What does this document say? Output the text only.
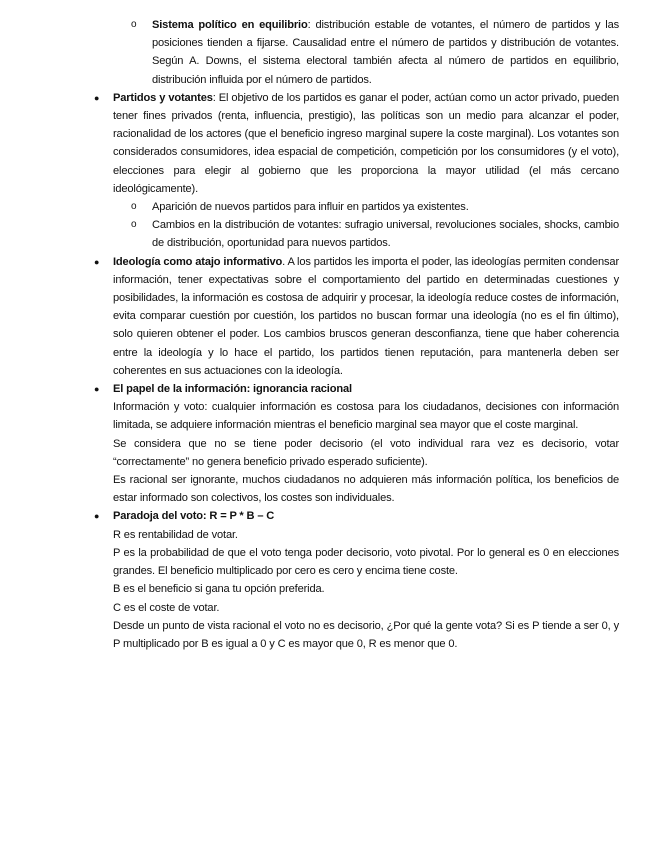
o	Sistema político en equilibrio: distribución estable de votantes, el número de partidos y las posiciones tienden a fijarse. Causalidad entre el número de partidos y distribución de votantes. Según A. Downs, el sistema electoral también afecta al número de partidos en equilibrio, distribución influida por el número de partidos.
●	Partidos y votantes: El objetivo de los partidos es ganar el poder, actúan como un actor privado, pueden tener fines privados (renta, influencia, prestigio), las políticas son un medio para alcanzar el poder, racionalidad de los actores (que el beneficio ingreso marginal supere la coste marginal). Los votantes son considerados consumidores, idea espacial de competición, competición por los consumidores (y el voto), elecciones para elegir al gobierno que les proporciona la mayor utilidad (el más cercano ideológicamente).
o	Aparición de nuevos partidos para influir en partidos ya existentes.
o	Cambios en la distribución de votantes: sufragio universal, revoluciones sociales, shocks, cambio de distribución, oportunidad para nuevos partidos.
●	Ideología como atajo informativo. A los partidos les importa el poder, las ideologías permiten condensar información, tener expectativas sobre el comportamiento del partido en determinadas cuestiones y posibilidades, la información es costosa de adquirir y procesar, la ideología reduce costes de información, evita comparar cuestión por cuestión, los partidos no buscan formar una ideología (no es el fin último), solo quieren obtener el poder. Los cambios bruscos generan desconfianza, tiene que haber coherencia entre la ideología y lo hace el partido, los partidos tienen reputación, para mantenerla deben ser coherentes en sus actuaciones con la ideología.
●	El papel de la información: ignorancia racional

Información y voto: cualquier información es costosa para los ciudadanos, decisiones con información limitada, se adquiere información mientras el beneficio marginal sea mayor que el coste marginal.

Se considera que no se tiene poder decisorio (el voto individual rara vez es decisorio, votar “correctamente” no genera beneficio privado esperado suficiente).

Es racional ser ignorante, muchos ciudadanos no adquieren más información política, los beneficios de estar informado son colectivos, los costes son individuales.

●	Paradoja del voto: R = P * B – C

R es rentabilidad de votar.

P es la probabilidad de que el voto tenga poder decisorio, voto pivotal. Por lo general es 0 en elecciones grandes. El beneficio multiplicado por cero es cero y encima tiene coste.

B es el beneficio si gana tu opción preferida.

C es el coste de votar.

Desde un punto de vista racional el voto no es decisorio, ¿Por qué la gente vota? Si es P tiende a ser 0, y P multiplicado por B es igual a 0 y C es mayor que 0, R es menor que 0.
